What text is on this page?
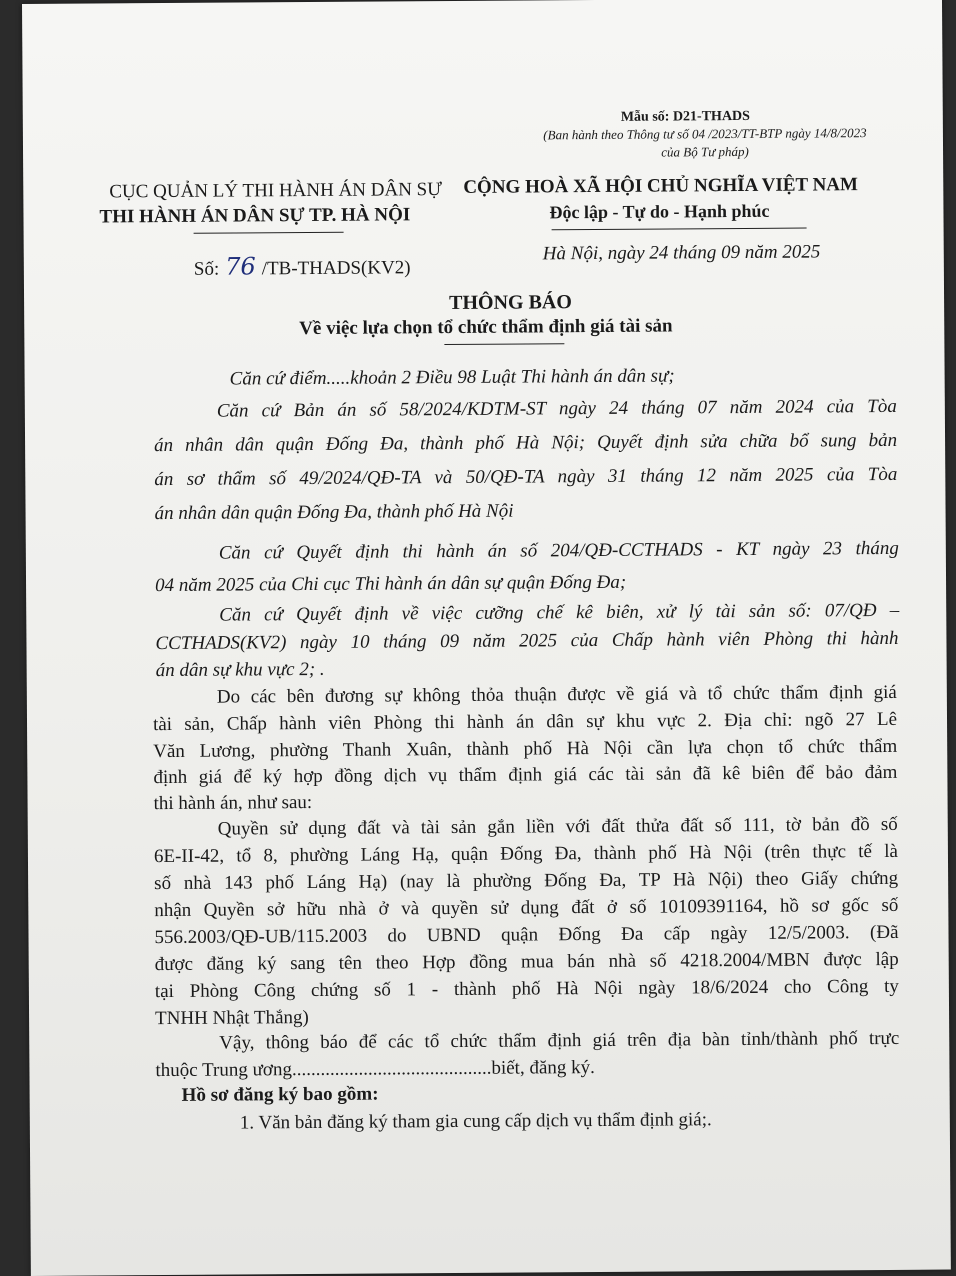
Mẫu số: D21-THADS
(Ban hành theo Thông tư số 04 /2023/TT-BTP ngày 14/8/2023 của Bộ Tư pháp)
CỤC QUẢN LÝ THI HÀNH ÁN DÂN SỰ
THI HÀNH ÁN DÂN SỰ TP. HÀ NỘI
CỘNG HOÀ XÃ HỘI CHỦ NGHĨA VIỆT NAM
Độc lập - Tự do - Hạnh phúc
Số: 76 /TB-THADS(KV2)
Hà Nội, ngày 24 tháng 09 năm 2025
THÔNG BÁO
Về việc lựa chọn tổ chức thẩm định giá tài sản
Căn cứ điểm.....khoản 2 Điều 98 Luật Thi hành án dân sự;
Căn cứ Bản án số 58/2024/KDTM-ST ngày 24 tháng 07 năm 2024 của Tòa
án nhân dân quận Đống Đa, thành phố Hà Nội; Quyết định sửa chữa bổ sung bản
án sơ thẩm số 49/2024/QĐ-TA và 50/QĐ-TA ngày 31 tháng 12 năm 2025 của Tòa
án nhân dân quận Đống Đa, thành phố Hà Nội
Căn cứ Quyết định thi hành án số 204/QĐ-CCTHADS - KT ngày 23 tháng
04 năm 2025 của Chi cục Thi hành án dân sự quận Đống Đa;
Căn cứ Quyết định về việc cưỡng chế kê biên, xử lý tài sản số: 07/QĐ –
CCTHADS(KV2) ngày 10 tháng 09 năm 2025 của Chấp hành viên Phòng thi hành
án dân sự khu vực 2; .
Do các bên đương sự không thỏa thuận được về giá và tổ chức thẩm định giá
tài sản, Chấp hành viên Phòng thi hành án dân sự khu vực 2. Địa chỉ: ngõ 27 Lê
Văn Lương, phường Thanh Xuân, thành phố Hà Nội cần lựa chọn tổ chức thẩm
định giá để ký hợp đồng dịch vụ thẩm định giá các tài sản đã kê biên để bảo đảm
thi hành án, như sau:
Quyền sử dụng đất và tài sản gắn liền với đất thửa đất số 111, tờ bản đồ số
6E-II-42, tổ 8, phường Láng Hạ, quận Đống Đa, thành phố Hà Nội (trên thực tế là
số nhà 143 phố Láng Hạ) (nay là phường Đống Đa, TP Hà Nội) theo Giấy chứng
nhận Quyền sở hữu nhà ở và quyền sử dụng đất ở số 10109391164, hồ sơ gốc số
556.2003/QĐ-UB/115.2003 do UBND quận Đống Đa cấp ngày 12/5/2003. (Đã
được đăng ký sang tên theo Hợp đồng mua bán nhà số 4218.2004/MBN được lập
tại Phòng Công chứng số 1 - thành phố Hà Nội ngày 18/6/2024 cho Công ty
TNHH Nhật Thắng)
Vậy, thông báo để các tổ chức thẩm định giá trên địa bàn tỉnh/thành phố trực
thuộc Trung ương..........................................biết, đăng ký.
Hồ sơ đăng ký bao gồm:
1. Văn bản đăng ký tham gia cung cấp dịch vụ thẩm định giá;.
